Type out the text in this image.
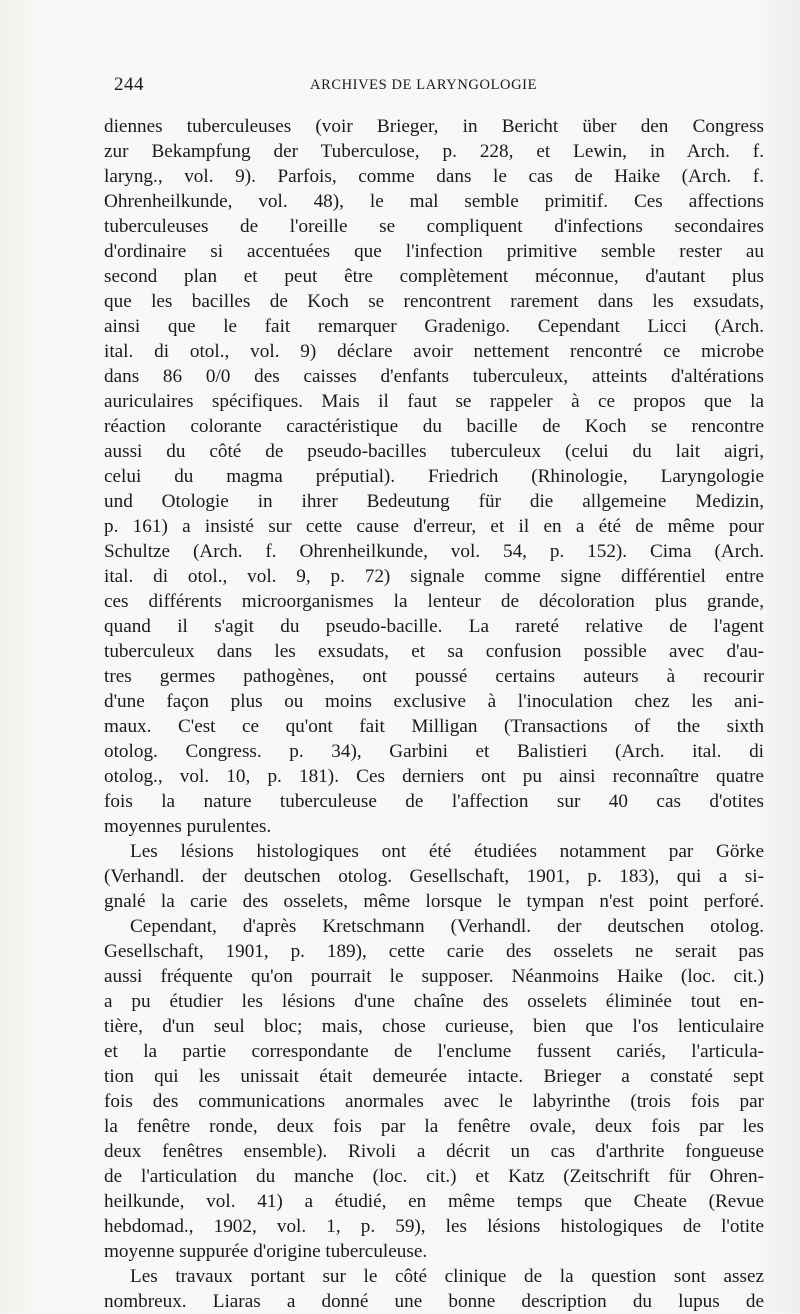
244	ARCHIVES DE LARYNGOLOGIE
diennes tuberculeuses (voir Brieger, in Bericht über den Congress
zur Bekampfung der Tuberculose, p. 228, et Lewin, in Arch. f.
laryng., vol. 9). Parfois, comme dans le cas de Haike (Arch. f.
Ohrenheilkunde, vol. 48), le mal semble primitif. Ces affections
tuberculeuses de l'oreille se compliquent d'infections secondaires
d'ordinaire si accentuées que l'infection primitive semble rester au
second plan et peut être complètement méconnue, d'autant plus
que les bacilles de Koch se rencontrent rarement dans les exsudats,
ainsi que le fait remarquer Gradenigo. Cependant Licci (Arch.
ital. di otol., vol. 9) déclare avoir nettement rencontré ce microbe
dans 86 0/0 des caisses d'enfants tuberculeux, atteints d'altérations
auriculaires spécifiques. Mais il faut se rappeler à ce propos que la
réaction colorante caractéristique du bacille de Koch se rencontre
aussi du côté de pseudo-bacilles tuberculeux (celui du lait aigri,
celui du magma préputial). Friedrich (Rhinologie, Laryngologie
und Otologie in ihrer Bedeutung für die allgemeine Medizin,
p. 161) a insisté sur cette cause d'erreur, et il en a été de même pour
Schultze (Arch. f. Ohrenheilkunde, vol. 54, p. 152). Cima (Arch.
ital. di otol., vol. 9, p. 72) signale comme signe différentiel entre
ces différents microorganismes la lenteur de décoloration plus grande,
quand il s'agit du pseudo-bacille. La rareté relative de l'agent
tuberculeux dans les exsudats, et sa confusion possible avec d'au-
tres germes pathogènes, ont poussé certains auteurs à recourir
d'une façon plus ou moins exclusive à l'inoculation chez les ani-
maux. C'est ce qu'ont fait Milligan (Transactions of the sixth
otolog. Congress. p. 34), Garbini et Balistieri (Arch. ital. di
otolog., vol. 10, p. 181). Ces derniers ont pu ainsi reconnaître quatre
fois la nature tuberculeuse de l'affection sur 40 cas d'otites
moyennes purulentes.
Les lésions histologiques ont été étudiées notamment par Görke
(Verhandl. der deutschen otolog. Gesellschaft, 1901, p. 183), qui a si-
gnalé la carie des osselets, même lorsque le tympan n'est point perforé.
Cependant, d'après Kretschmann (Verhandl. der deutschen otolog.
Gesellschaft, 1901, p. 189), cette carie des osselets ne serait pas
aussi fréquente qu'on pourrait le supposer. Néanmoins Haike (loc. cit.)
a pu étudier les lésions d'une chaîne des osselets éliminée tout en-
tière, d'un seul bloc; mais, chose curieuse, bien que l'os lenticulaire
et la partie correspondante de l'enclume fussent cariés, l'articula-
tion qui les unissait était demeurée intacte. Brieger a constaté sept
fois des communications anormales avec le labyrinthe (trois fois par
la fenêtre ronde, deux fois par la fenêtre ovale, deux fois par les
deux fenêtres ensemble). Rivoli a décrit un cas d'arthrite fongueuse
de l'articulation du manche (loc. cit.) et Katz (Zeitschrift für Ohren-
heilkunde, vol. 41) a étudié, en même temps que Cheate (Revue
hebdomad., 1902, vol. 1, p. 59), les lésions histologiques de l'otite
moyenne suppurée d'origine tuberculeuse.
Les travaux portant sur le côté clinique de la question sont assez
nombreux. Liaras a donné une bonne description du lupus de
